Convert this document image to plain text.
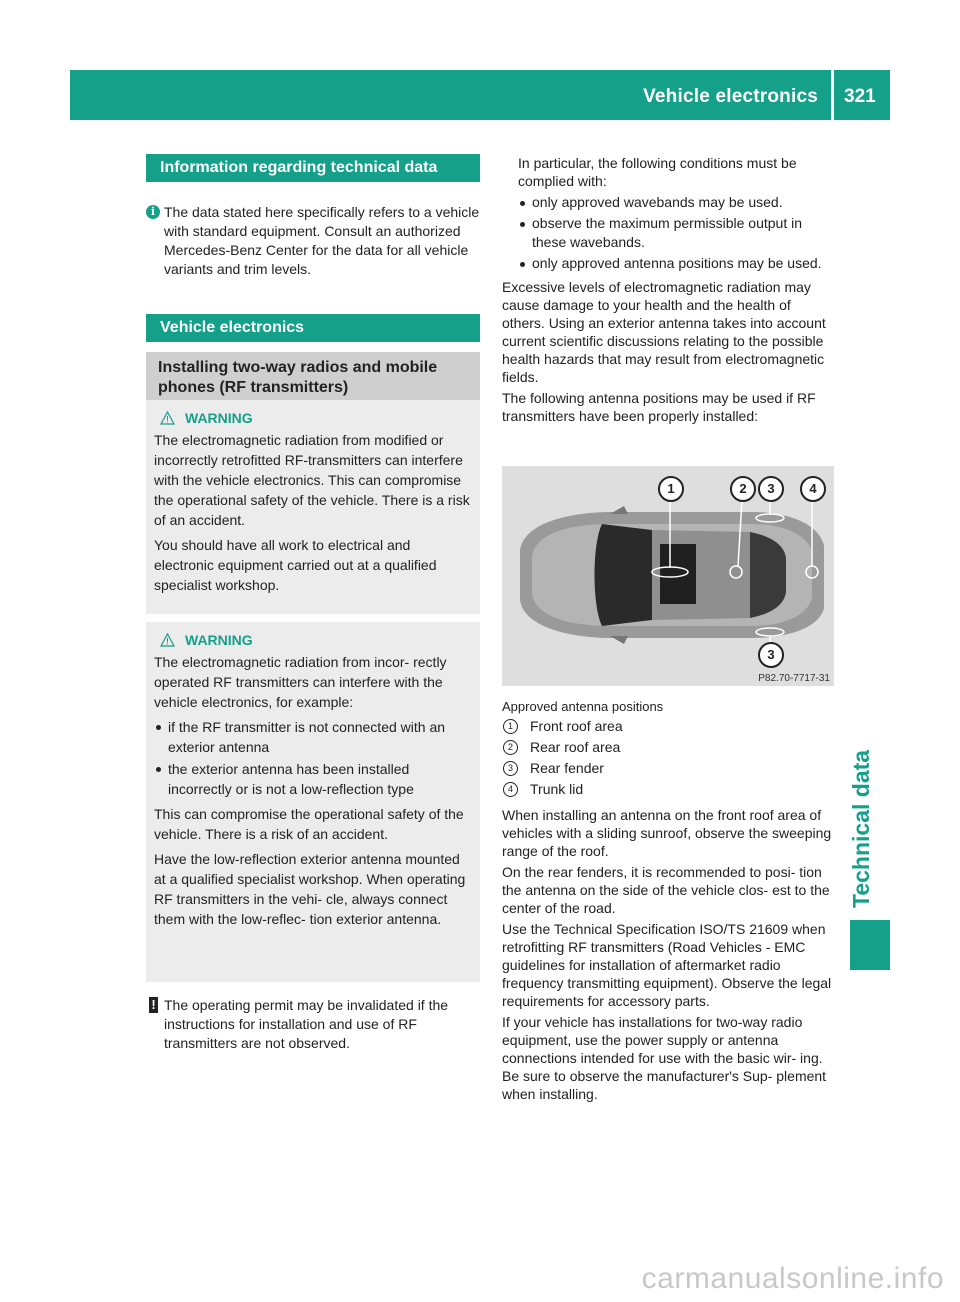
Vehicle electronics 321
Technical data
Information regarding technical data
i The data stated here specifically refers to a vehicle with standard equipment. Consult an authorized Mercedes-Benz Center for the data for all vehicle variants and trim levels.
Vehicle electronics
Installing two-way radios and mobile phones (RF transmitters)
WARNING

The electromagnetic radiation from modified or incorrectly retrofitted RF-transmitters can interfere with the vehicle electronics. This can compromise the operational safety of the vehicle. There is a risk of an accident.

You should have all work to electrical and electronic equipment carried out at a qualified specialist workshop.

WARNING

The electromagnetic radiation from incor- rectly operated RF transmitters can interfere with the vehicle electronics, for example:

if the RF transmitter is not connected with an exterior antenna
the exterior antenna has been installed incorrectly or is not a low-reflection type

This can compromise the operational safety of the vehicle. There is a risk of an accident.

Have the low-reflection exterior antenna mounted at a qualified specialist workshop. When operating RF transmitters in the vehi- cle, always connect them with the low-reflec- tion exterior antenna.

! The operating permit may be invalidated if the instructions for installation and use of RF transmitters are not observed.

In particular, the following conditions must be complied with:

only approved wavebands may be used.
observe the maximum permissible output in these wavebands.
only approved antenna positions may be used.

Excessive levels of electromagnetic radiation may cause damage to your health and the health of others. Using an exterior antenna takes into account current scientific discussions relating to the possible health hazards that may result from electromagnetic fields.

The following antenna positions may be used if RF transmitters have been properly installed:

1	2	3	4
3
P82.70-7717-31
Approved antenna positions
1	Front roof area
2	Rear roof area
3	Rear fender
4	Trunk lid

When installing an antenna on the front roof area of vehicles with a sliding sunroof, observe the sweeping range of the roof.

On the rear fenders, it is recommended to posi- tion the antenna on the side of the vehicle clos- est to the center of the road.

Use the Technical Specification ISO/TS 21609 when retrofitting RF transmitters (Road Vehicles - EMC guidelines for installation of aftermarket radio frequency transmitting equipment). Observe the legal requirements for accessory parts.

If your vehicle has installations for two-way radio equipment, use the power supply or antenna connections intended for use with the basic wir- ing. Be sure to observe the manufacturer's Sup- plement when installing.

carmanualsonline.info
